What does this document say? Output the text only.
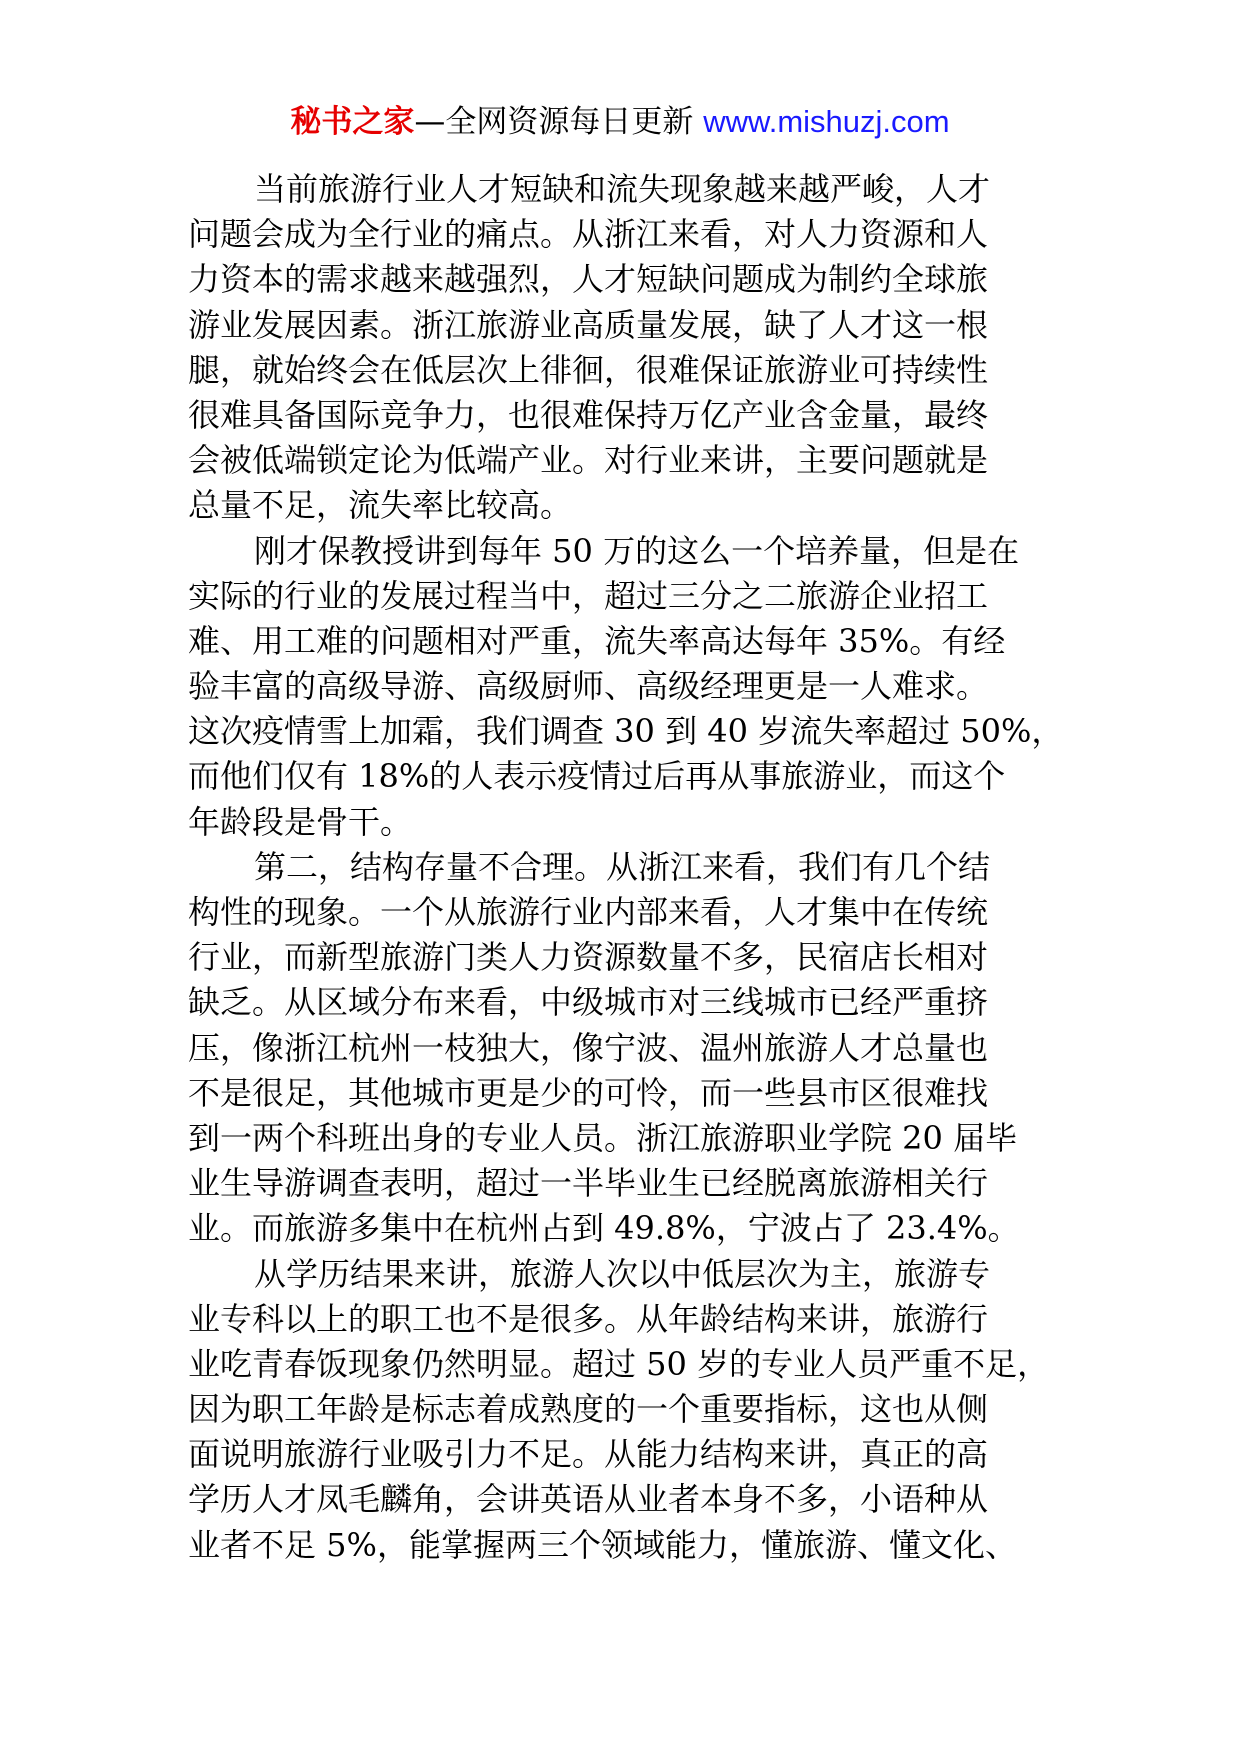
秘书之家—全网资源每日更新 www.mishuzj.com
当前旅游行业人才短缺和流失现象越来越严峻，人才
问题会成为全行业的痛点。从浙江来看，对人力资源和人
力资本的需求越来越强烈，人才短缺问题成为制约全球旅
游业发展因素。浙江旅游业高质量发展，缺了人才这一根
腿，就始终会在低层次上徘徊，很难保证旅游业可持续性
很难具备国际竞争力，也很难保持万亿产业含金量，最终
会被低端锁定论为低端产业。对行业来讲，主要问题就是
总量不足，流失率比较高。
刚才保教授讲到每年 50 万的这么一个培养量，但是在
实际的行业的发展过程当中，超过三分之二旅游企业招工
难、用工难的问题相对严重，流失率高达每年 35%。有经
验丰富的高级导游、高级厨师、高级经理更是一人难求。
这次疫情雪上加霜，我们调查 30 到 40 岁流失率超过 50%，
而他们仅有 18%的人表示疫情过后再从事旅游业，而这个
年龄段是骨干。
第二，结构存量不合理。从浙江来看，我们有几个结
构性的现象。一个从旅游行业内部来看，人才集中在传统
行业，而新型旅游门类人力资源数量不多，民宿店长相对
缺乏。从区域分布来看，中级城市对三线城市已经严重挤
压，像浙江杭州一枝独大，像宁波、温州旅游人才总量也
不是很足，其他城市更是少的可怜，而一些县市区很难找
到一两个科班出身的专业人员。浙江旅游职业学院 20 届毕
业生导游调查表明，超过一半毕业生已经脱离旅游相关行
业。而旅游多集中在杭州占到 49.8%，宁波占了 23.4%。
从学历结果来讲，旅游人次以中低层次为主，旅游专
业专科以上的职工也不是很多。从年龄结构来讲，旅游行
业吃青春饭现象仍然明显。超过 50 岁的专业人员严重不足，
因为职工年龄是标志着成熟度的一个重要指标，这也从侧
面说明旅游行业吸引力不足。从能力结构来讲，真正的高
学历人才凤毛麟角，会讲英语从业者本身不多，小语种从
业者不足 5%，能掌握两三个领域能力，懂旅游、懂文化、
